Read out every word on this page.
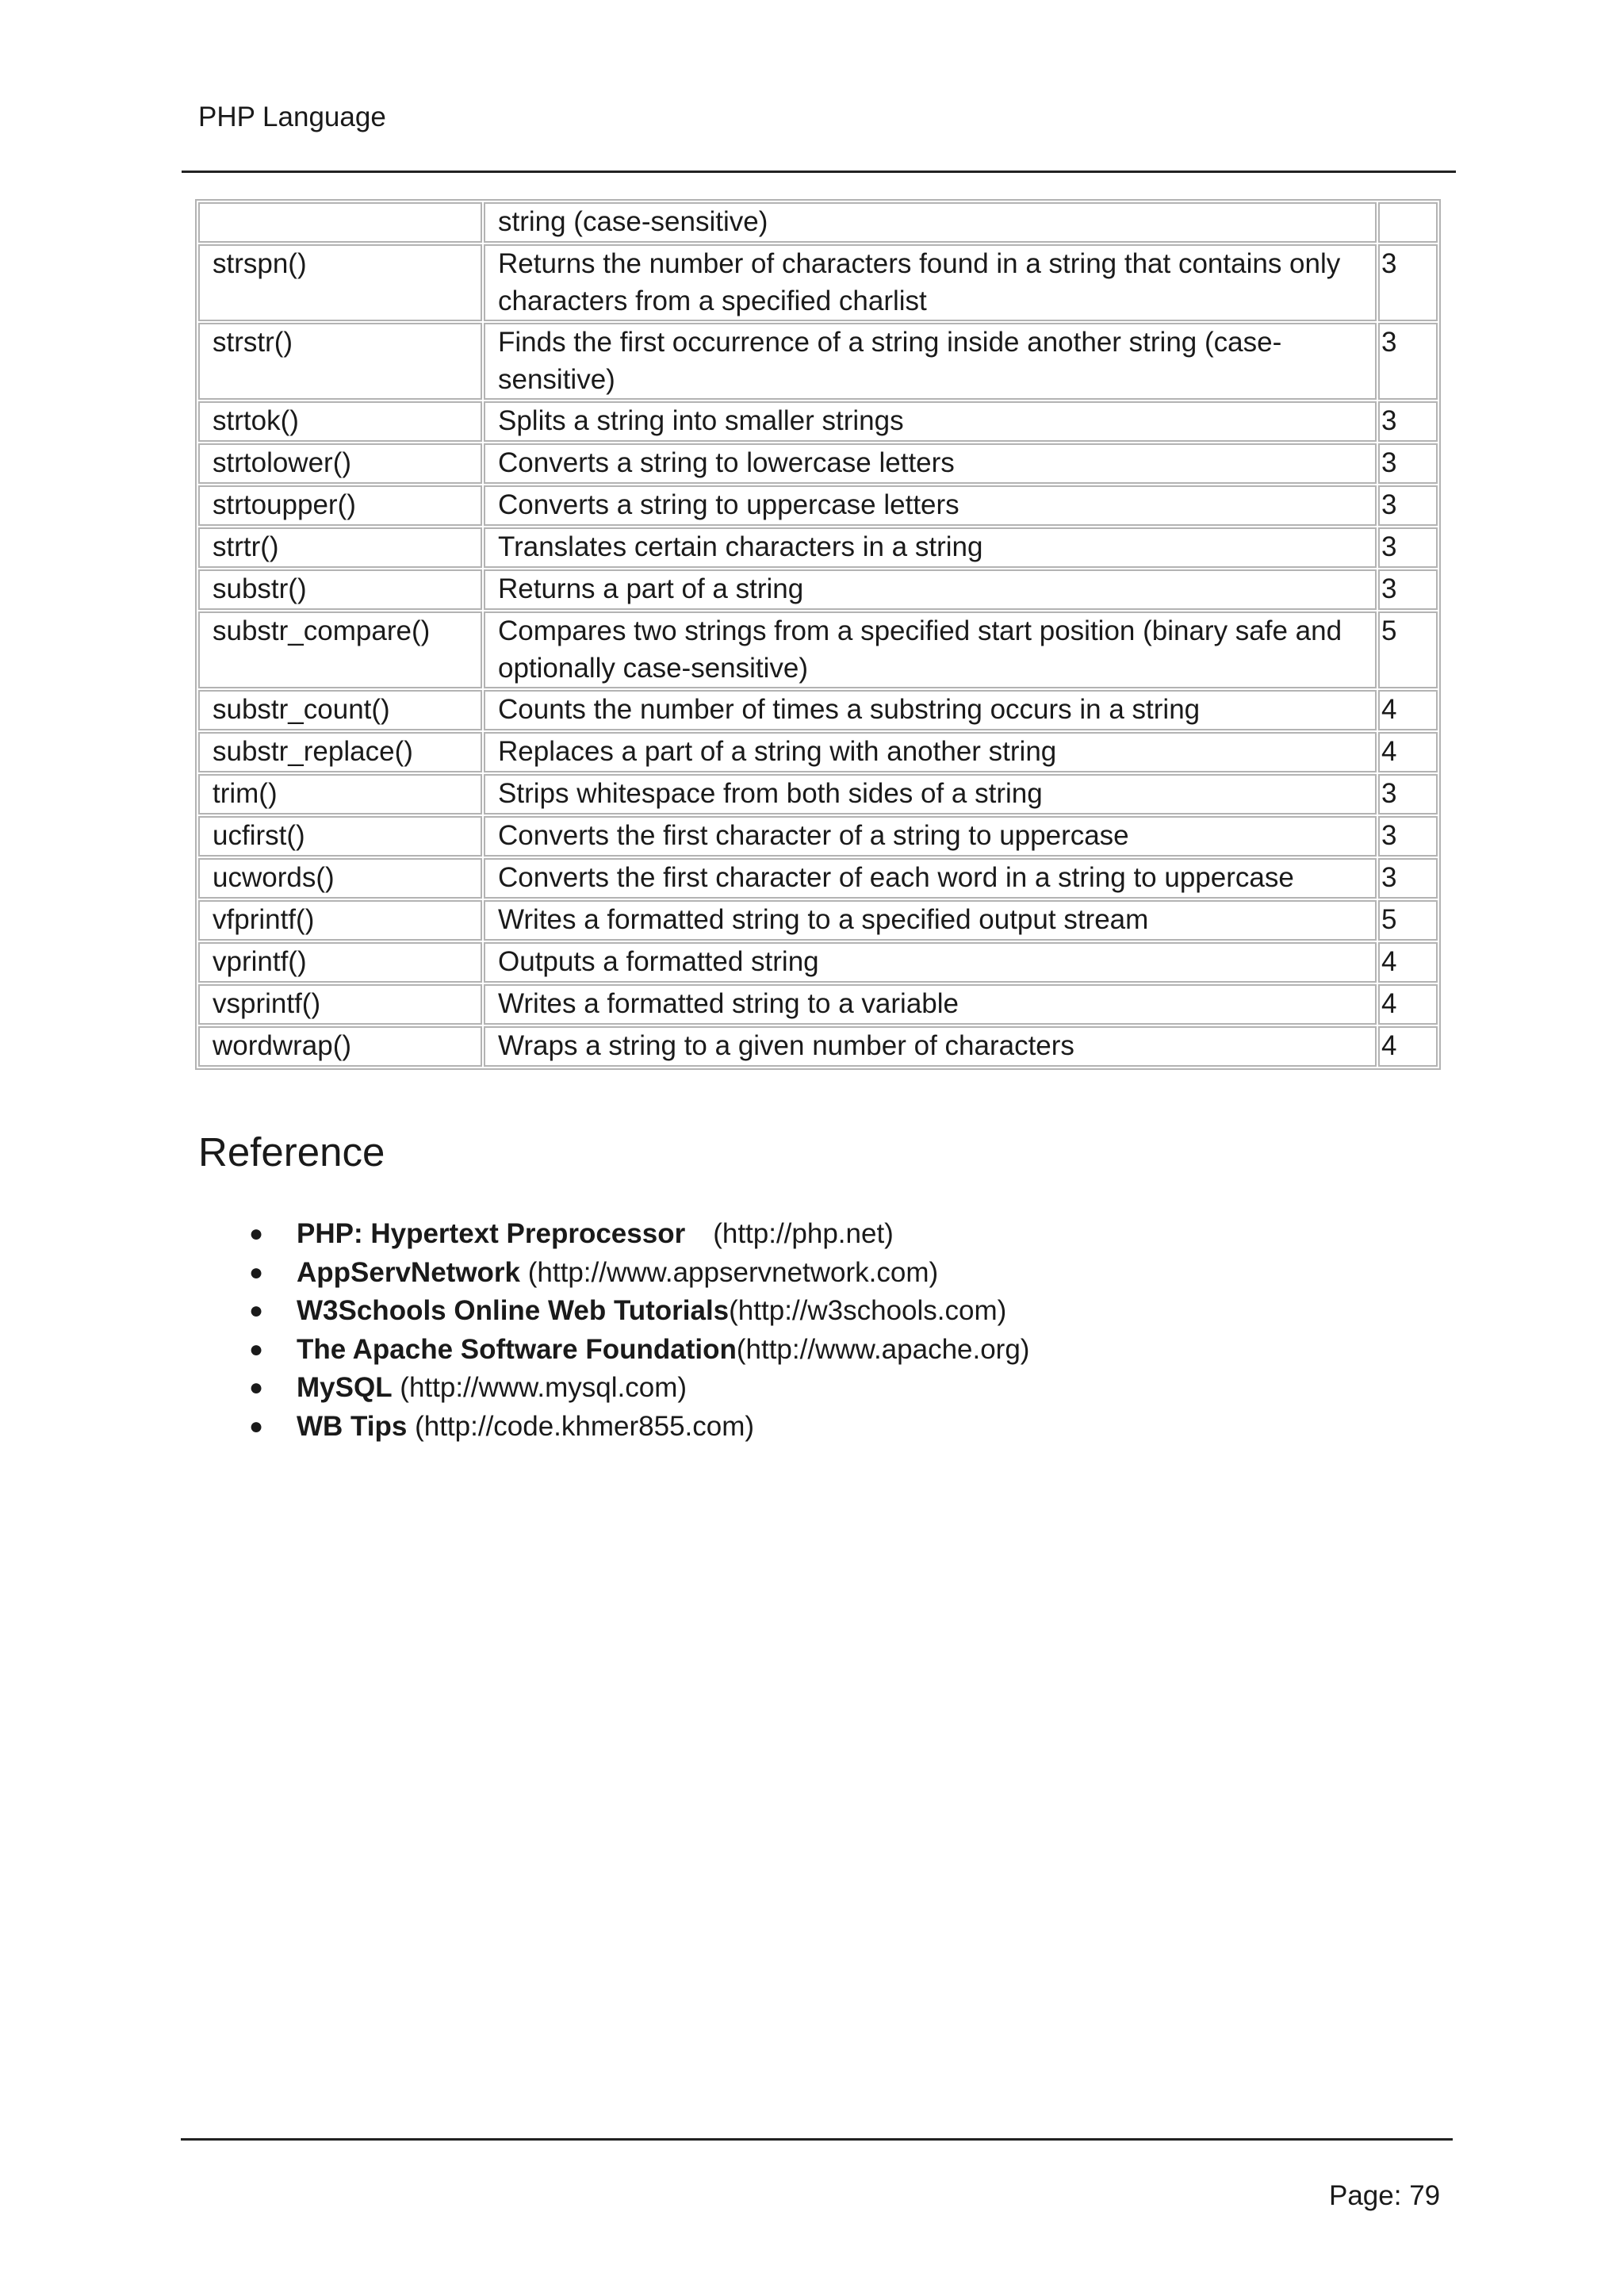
PHP Language
	string (case-sensitive)	
strspn()	Returns the number of characters found in a string that contains only characters from a specified charlist	3
strstr()	Finds the first occurrence of a string inside another string (case-sensitive)	3
strtok()	Splits a string into smaller strings	3
strtolower()	Converts a string to lowercase letters	3
strtoupper()	Converts a string to uppercase letters	3
strtr()	Translates certain characters in a string	3
substr()	Returns a part of a string	3
substr_compare()	Compares two strings from a specified start position (binary safe and optionally case-sensitive)	5
substr_count()	Counts the number of times a substring occurs in a string	4
substr_replace()	Replaces a part of a string with another string	4
trim()	Strips whitespace from both sides of a string	3
ucfirst()	Converts the first character of a string to uppercase	3
ucwords()	Converts the first character of each word in a string to uppercase	3
vfprintf()	Writes a formatted string to a specified output stream	5
vprintf()	Outputs a formatted string	4
vsprintf()	Writes a formatted string to a variable	4
wordwrap()	Wraps a string to a given number of characters	4
Reference
● PHP: Hypertext Preprocessor　(http://php.net)
● AppServNetwork (http://www.appservnetwork.com)
● W3Schools Online Web Tutorials(http://w3schools.com)
● The Apache Software Foundation(http://www.apache.org)
● MySQL (http://www.mysql.com)
● WB Tips (http://code.khmer855.com)
Page: 79
